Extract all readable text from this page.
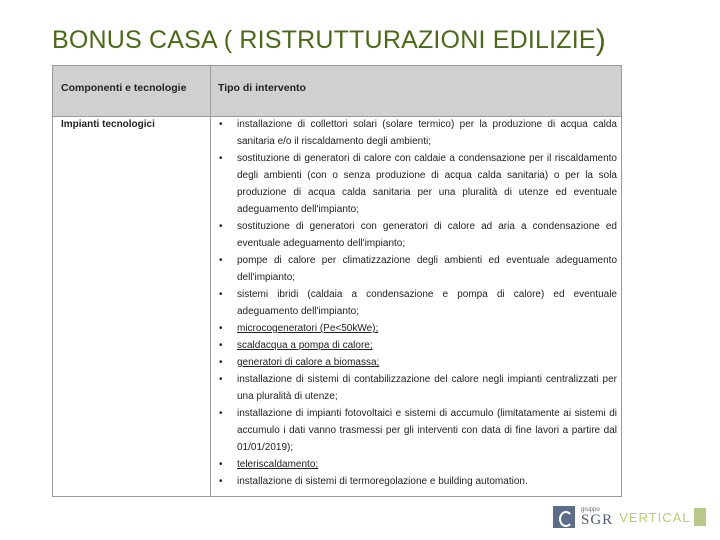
BONUS CASA ( RISTRUTTURAZIONI EDILIZIE)
Componenti e tecnologie	Tipo di intervento
Impianti tecnologici	• installazione di collettori solari (solare termico) per la produzione di acqua calda sanitaria e/o il riscaldamento degli ambienti;
• sostituzione di generatori di calore con caldaie a condensazione per il riscaldamento degli ambienti (con o senza produzione di acqua calda sanitaria) o per la sola produzione di acqua calda sanitaria per una pluralità di utenze ed eventuale adeguamento dell'impianto;
• sostituzione di generatori con generatori di calore ad aria a condensazione ed eventuale adeguamento dell'impianto;
• pompe di calore per climatizzazione degli ambienti ed eventuale adeguamento dell'impianto;
• sistemi ibridi (caldaia a condensazione e pompa di calore) ed eventuale adeguamento dell'impianto;
• microcogeneratori (Pe<50kWe);
• scaldacqua a pompa di calore;
• generatori di calore a biomassa;
• installazione di sistemi di contabilizzazione del calore negli impianti centralizzati per una pluralità di utenze;
• installazione di impianti fotovoltaici e sistemi di accumulo (limitatamente ai sistemi di accumulo i dati vanno trasmessi per gli interventi con data di fine lavori a partire dal 01/01/2019);
• teleriscaldamento;
• installazione di sistemi di termoregolazione e building automation.
gruppo
SGR VERTICAL
